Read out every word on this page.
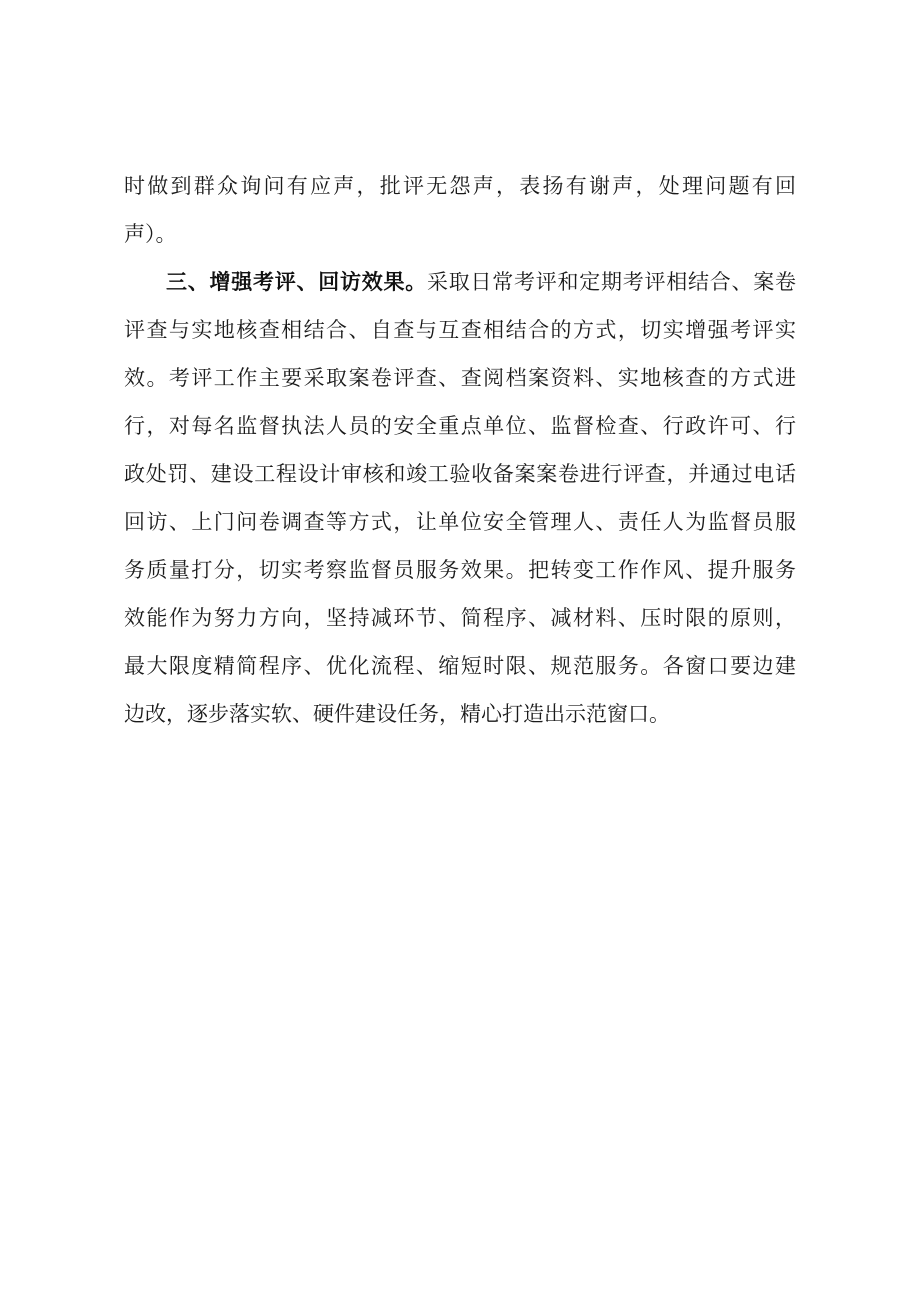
时做到群众询问有应声，批评无怨声，表扬有谢声，处理问题有回
声）。
三、增强考评、回访效果。采取日常考评和定期考评相结合、案卷
评查与实地核查相结合、自查与互查相结合的方式，切实增强考评实
效。考评工作主要采取案卷评查、查阅档案资料、实地核查的方式进
行，对每名监督执法人员的安全重点单位、监督检查、行政许可、行
政处罚、建设工程设计审核和竣工验收备案案卷进行评查，并通过电话
回访、上门问卷调查等方式，让单位安全管理人、责任人为监督员服
务质量打分，切实考察监督员服务效果。把转变工作作风、提升服务
效能作为努力方向，坚持减环节、简程序、减材料、压时限的原则，
最大限度精简程序、优化流程、缩短时限、规范服务。各窗口要边建
边改，逐步落实软、硬件建设任务，精心打造出示范窗口。
